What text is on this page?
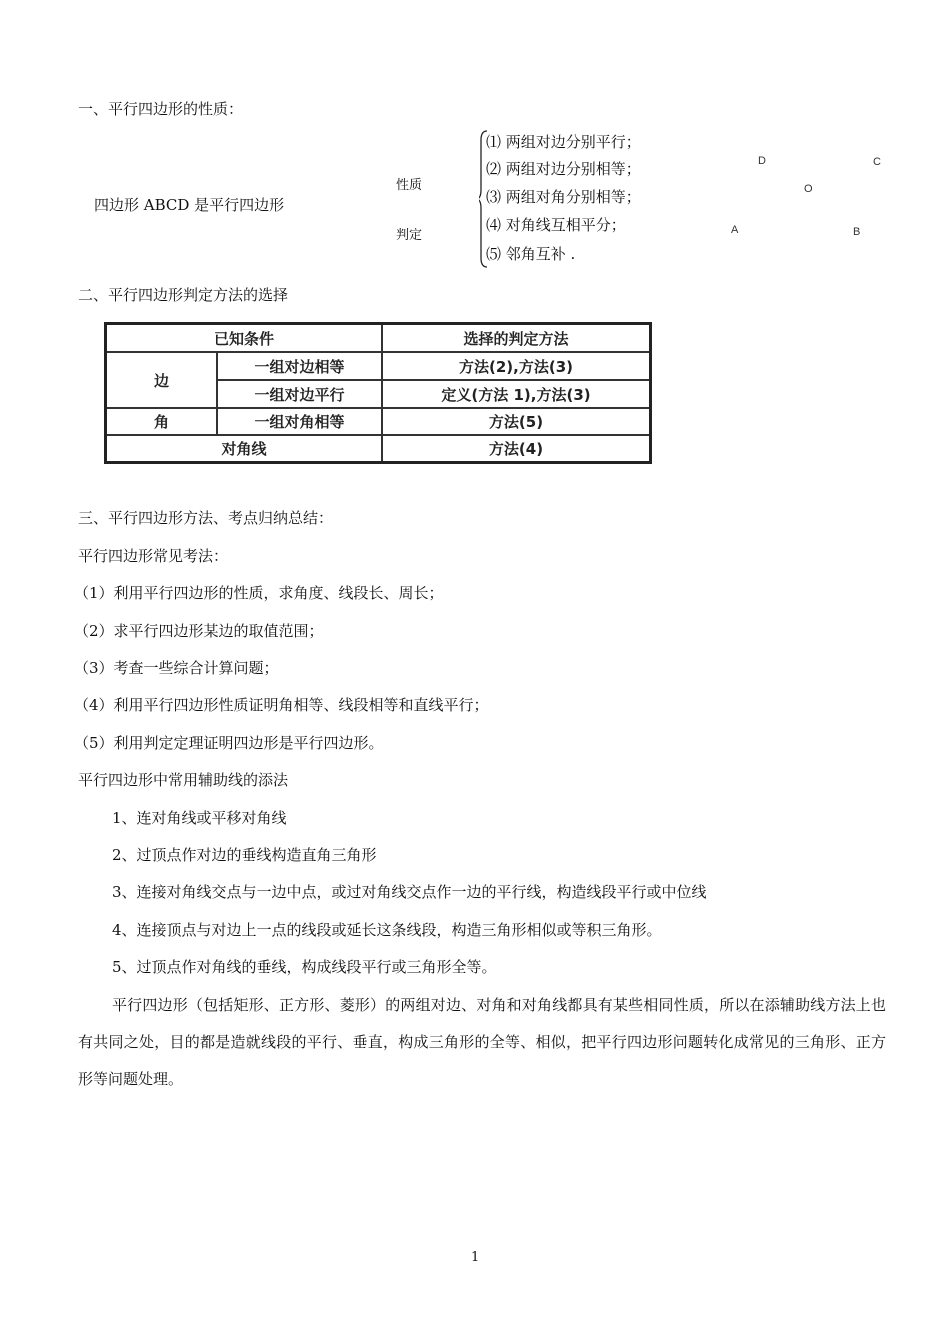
一、平行四边形的性质：
四边形 ABCD 是平行四边形
性质
判定
⑴ 两组对边分别平行；
⑵ 两组对边分别相等；
⑶ 两组对角分别相等；
⑷ 对角线互相平分；
⑸ 邻角互补 .
D	C
O
A	B
二、平行四边形判定方法的选择
已知条件	选择的判定方法
边
一组对边相等	方法(2),方法(3)
一组对边平行	定义(方法 1),方法(3)
角	一组对角相等	方法(5)
对角线	方法(4)
三、平行四边形方法、考点归纳总结：
平行四边形常见考法：
（1）利用平行四边形的性质，求角度、线段长、周长；
（2）求平行四边形某边的取值范围；
（3）考查一些综合计算问题；
（4）利用平行四边形性质证明角相等、线段相等和直线平行；
（5）利用判定定理证明四边形是平行四边形。
平行四边形中常用辅助线的添法
1、连对角线或平移对角线
2、过顶点作对边的垂线构造直角三角形
3、连接对角线交点与一边中点，或过对角线交点作一边的平行线，构造线段平行或中位线
4、连接顶点与对边上一点的线段或延长这条线段，构造三角形相似或等积三角形。
5、过顶点作对角线的垂线，构成线段平行或三角形全等。
平行四边形（包括矩形、正方形、菱形）的两组对边、对角和对角线都具有某些相同性质，所以在添辅助线方法上也有共同之处，目的都是造就线段的平行、垂直，构成三角形的全等、相似，把平行四边形问题转化成常见的三角形、正方形等问题处理。
1
